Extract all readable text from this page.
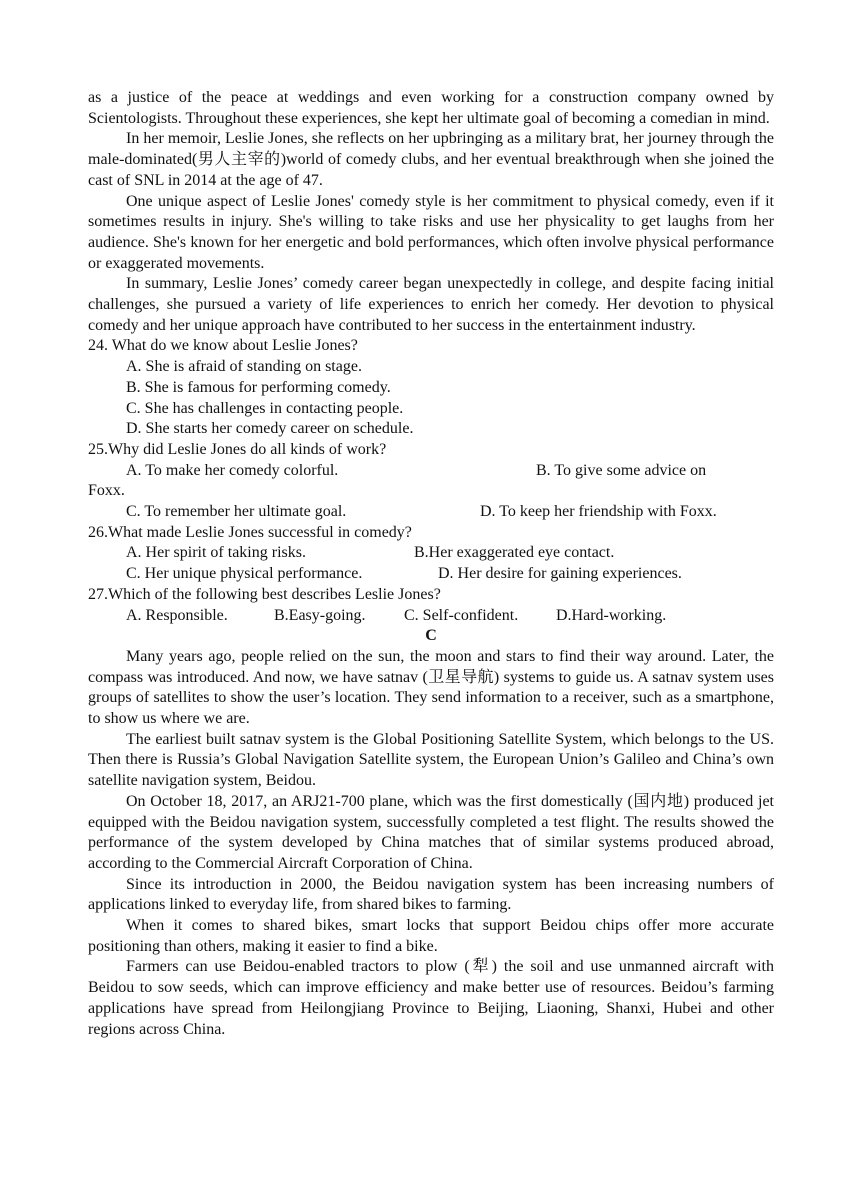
as a justice of the peace at weddings and even working for a construction company owned by Scientologists. Throughout these experiences, she kept her ultimate goal of becoming a comedian in mind.

In her memoir, Leslie Jones, she reflects on her upbringing as a military brat, her journey through the male-dominated(男人主宰的)world of comedy clubs, and her eventual breakthrough when she joined the cast of SNL in 2014 at the age of 47.

One unique aspect of Leslie Jones' comedy style is her commitment to physical comedy, even if it sometimes results in injury. She's willing to take risks and use her physicality to get laughs from her audience. She's known for her energetic and bold performances, which often involve physical performance or exaggerated movements.

In summary, Leslie Jones’ comedy career began unexpectedly in college, and despite facing initial challenges, she pursued a variety of life experiences to enrich her comedy. Her devotion to physical comedy and her unique approach have contributed to her success in the entertainment industry.

24. What do we know about Leslie Jones?

A. She is afraid of standing on stage.

B. She is famous for performing comedy.

C. She has challenges in contacting people.

D. She starts her comedy career on schedule.

25.Why did Leslie Jones do all kinds of work?

A. To make her comedy colorful.	B. To give some advice on

Foxx.

C. To remember her ultimate goal.	D. To keep her friendship with Foxx.

26.What made Leslie Jones successful in comedy?

A. Her spirit of taking risks.	B.Her exaggerated eye contact.
C. Her unique physical performance.	D. Her desire for gaining experiences.

27.Which of the following best describes Leslie Jones?

A. Responsible.	B.Easy-going. C. Self-confident. D.Hard-working.

C

Many years ago, people relied on the sun, the moon and stars to find their way around. Later, the compass was introduced. And now, we have satnav (卫星导航) systems to guide us. A satnav system uses groups of satellites to show the user’s location. They send information to a receiver, such as a smartphone, to show us where we are.

The earliest built satnav system is the Global Positioning Satellite System, which belongs to the US. Then there is Russia’s Global Navigation Satellite system, the European Union’s Galileo and China’s own satellite navigation system, Beidou.

On October 18, 2017, an ARJ21-700 plane, which was the first domestically (国内地) produced jet equipped with the Beidou navigation system, successfully completed a test flight. The results showed the performance of the system developed by China matches that of similar systems produced abroad, according to the Commercial Aircraft Corporation of China.

Since its introduction in 2000, the Beidou navigation system has been increasing numbers of applications linked to everyday life, from shared bikes to farming.

When it comes to shared bikes, smart locks that support Beidou chips offer more accurate positioning than others, making it easier to find a bike.

Farmers can use Beidou-enabled tractors to plow (犁) the soil and use unmanned aircraft with Beidou to sow seeds, which can improve efficiency and make better use of resources. Beidou’s farming applications have spread from Heilongjiang Province to Beijing, Liaoning, Shanxi, Hubei and other regions across China.
